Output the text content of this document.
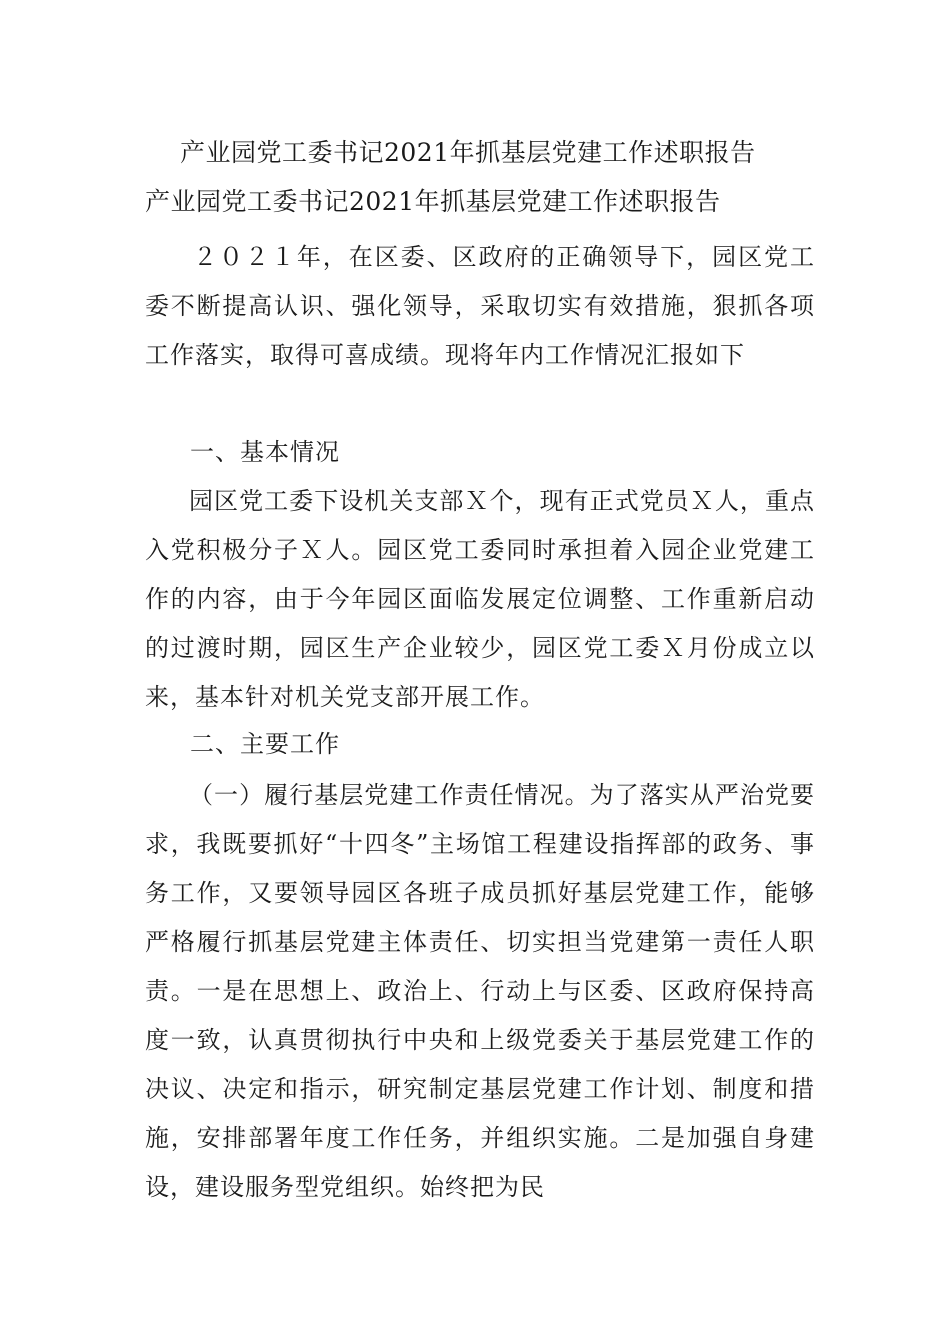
产业园党工委书记2021年抓基层党建工作述职报告
产业园党工委书记2021年抓基层党建工作述职报告
２０２１年，在区委、区政府的正确领导下，园区党工委不断提高认识、强化领导，采取切实有效措施，狠抓各项工作落实，取得可喜成绩。现将年内工作情况汇报如下
一、基本情况
园区党工委下设机关支部Ｘ个，现有正式党员Ｘ人，重点入党积极分子Ｘ人。园区党工委同时承担着入园企业党建工作的内容，由于今年园区面临发展定位调整、工作重新启动的过渡时期，园区生产企业较少，园区党工委Ｘ月份成立以来，基本针对机关党支部开展工作。
二、主要工作
（一）履行基层党建工作责任情况。为了落实从严治党要求，我既要抓好“十四冬”主场馆工程建设指挥部的政务、事务工作，又要领导园区各班子成员抓好基层党建工作，能够严格履行抓基层党建主体责任、切实担当党建第一责任人职责。一是在思想上、政治上、行动上与区委、区政府保持高度一致，认真贯彻执行中央和上级党委关于基层党建工作的决议、决定和指示，研究制定基层党建工作计划、制度和措施，安排部署年度工作任务，并组织实施。二是加强自身建设，建设服务型党组织。始终把为民
